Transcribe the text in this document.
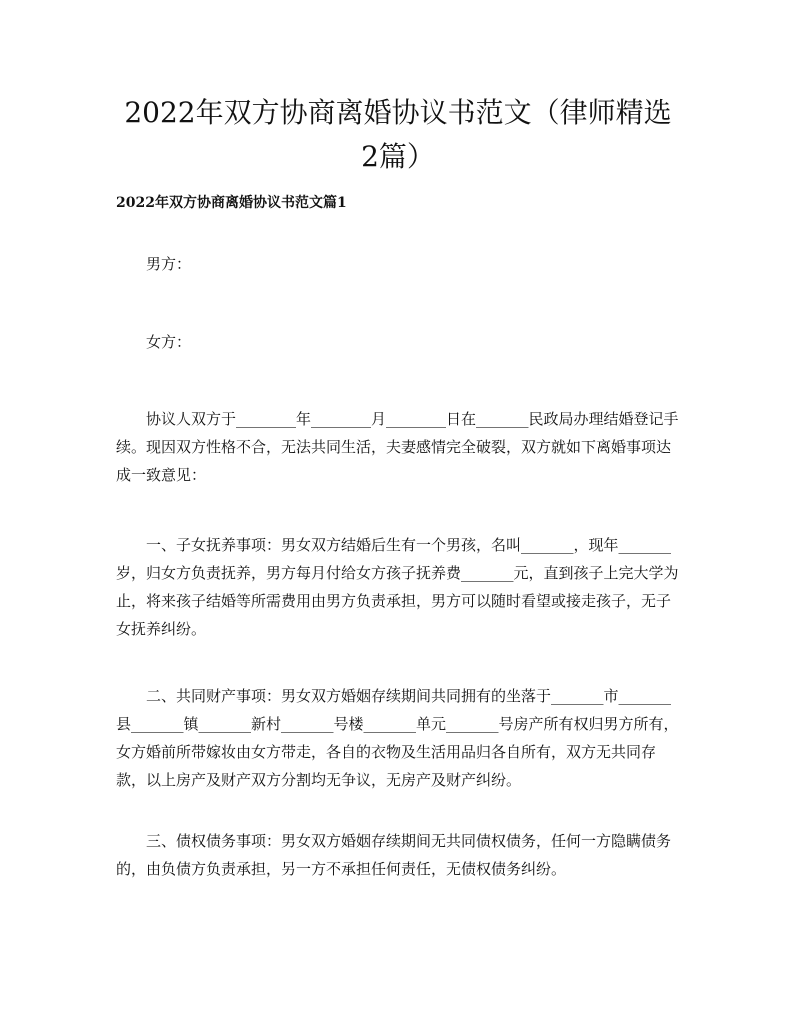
2022年双方协商离婚协议书范文（律师精选
2篇）
2022年双方协商离婚协议书范文篇1

男方：

女方：

协议人双方于________年________月________日在_______民政局办理结婚登记手续。现因双方性格不合，无法共同生活，夫妻感情完全破裂，双方就如下离婚事项达成一致意见：

一、子女抚养事项：男女双方结婚后生有一个男孩，名叫_______，现年_______岁，归女方负责抚养，男方每月付给女方孩子抚养费_______元，直到孩子上完大学为止，将来孩子结婚等所需费用由男方负责承担，男方可以随时看望或接走孩子，无子女抚养纠纷。

二、共同财产事项：男女双方婚姻存续期间共同拥有的坐落于_______市_______县_______镇_______新村_______号楼_______单元_______号房产所有权归男方所有，女方婚前所带嫁妆由女方带走，各自的衣物及生活用品归各自所有，双方无共同存款，以上房产及财产双方分割均无争议，无房产及财产纠纷。

三、债权债务事项：男女双方婚姻存续期间无共同债权债务，任何一方隐瞒债务的，由负债方负责承担，另一方不承担任何责任，无债权债务纠纷。
